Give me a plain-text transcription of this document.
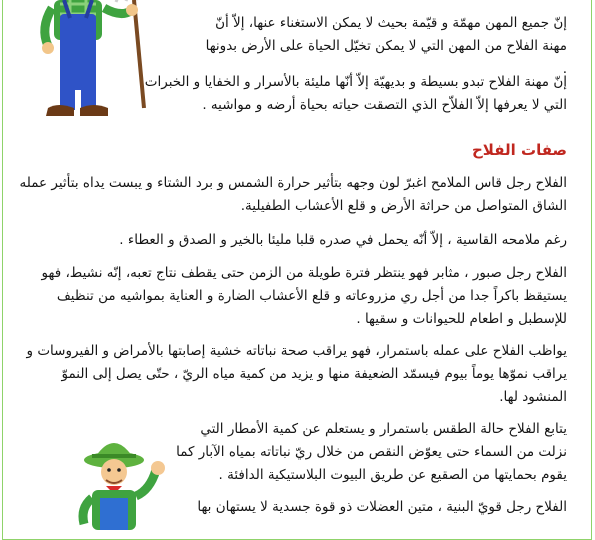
إنّ جميع المهن مهمّة و قيّمة بحيث لا يمكن الاستغناء عنها، إلاّ أنّ مهنة الفلاح من المهن التي لا يمكن تخيّل الحياة على الأرض بدونها .

إنّ مهنة الفلاح تبدو بسيطة و بديهيّة إلاّ أنّها مليئة بالأسرار و الخفايا و الخبرات التي لا يعرفها إلاّ الفلاّح الذي التصقت حياته بحياة أرضه و مواشيه .

صفات الفلاح

الفلاح رجل قاس الملامح اغبرّ لون وجهه بتأثير حرارة الشمس و برد الشتاء و يبست يداه بتأثير عمله الشاق المتواصل من حراثة الأرض و قلع الأعشاب الطفيلية.

رغم ملامحه القاسية ، إلاّ أنّه يحمل في صدره قلبا مليئا بالخير و الصدق و العطاء .

الفلاح رجل صبور ، مثابر فهو ينتظر فترة طويلة من الزمن حتى يقطف نتاج تعبه، إنّه نشيط، فهو يستيقظ باكراً جدا من أجل ري مزروعاته و قلع الأعشاب الضارة و العناية بمواشيه من تنظيف للإسطبل و اطعام للحيوانات و سقيها .

يواظب الفلاح على عمله باستمرار، فهو يراقب صحة نباتاته خشية إصابتها بالأمراض و الفيروسات و يراقب نموّها يوماً بيوم فيسمّد الضعيفة منها و يزيد من كمية مياه الريّ ، حتّى يصل إلى النموّ المنشود لها.

يتابع الفلاح حالة الطقس باستمرار و يستعلم عن كمية الأمطار التي نزلت من السماء حتى يعوّض النقص من خلال ريّ نباتاته بمياه الآبار كما يقوم بحمايتها من الصقيع عن طريق البيوت البلاستيكية الدافئة .

الفلاح رجل قويّ البنية ، متين العضلات ذو قوة جسدية لا يستهان بها
